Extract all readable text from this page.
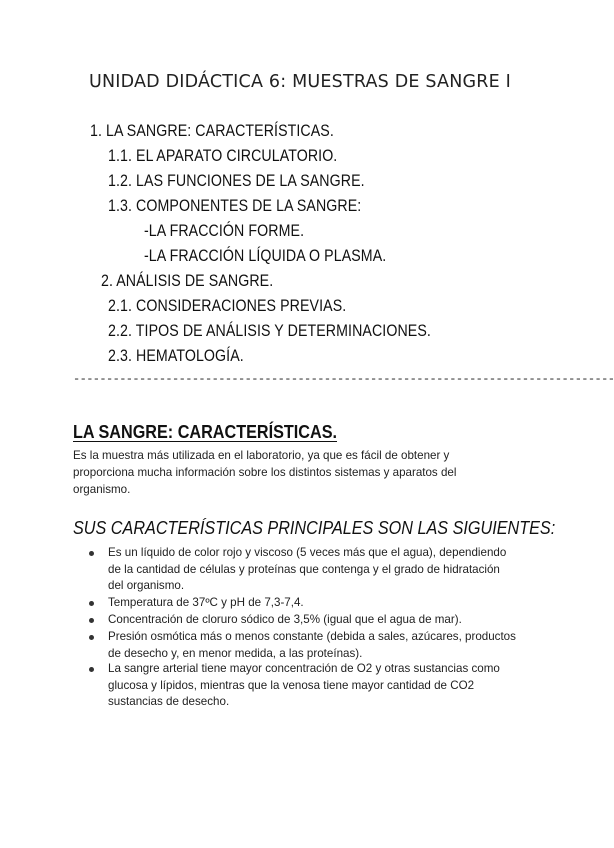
UNIDAD DIDÁCTICA 6: MUESTRAS DE SANGRE I
1. LA SANGRE: CARACTERÍSTICAS.
1.1. EL APARATO CIRCULATORIO.
1.2. LAS FUNCIONES DE LA SANGRE.
1.3. COMPONENTES DE LA SANGRE:
-LA FRACCIÓN FORME.
-LA FRACCIÓN LÍQUIDA O PLASMA.
2. ANÁLISIS DE SANGRE.
2.1. CONSIDERACIONES PREVIAS.
2.2. TIPOS DE ANÁLISIS Y DETERMINACIONES.
2.3. HEMATOLOGÍA.
----------------------------------------------------------------------------------
LA SANGRE: CARACTERÍSTICAS.
Es la muestra más utilizada en el laboratorio, ya que es fácil de obtener y proporciona mucha información sobre los distintos sistemas y aparatos del organismo.
SUS CARACTERÍSTICAS PRINCIPALES SON LAS SIGUIENTES:
Es un líquido de color rojo y viscoso (5 veces más que el agua), dependiendo de la cantidad de células y proteínas que contenga y el grado de hidratación del organismo.
Temperatura de 37ºC y pH de 7,3-7,4.
Concentración de cloruro sódico de 3,5% (igual que el agua de mar).
Presión osmótica más o menos constante (debida a sales, azúcares, productos de desecho y, en menor medida, a las proteínas).
La sangre arterial tiene mayor concentración de O2 y otras sustancias como glucosa y lípidos, mientras que la venosa tiene mayor cantidad de CO2 sustancias de desecho.
